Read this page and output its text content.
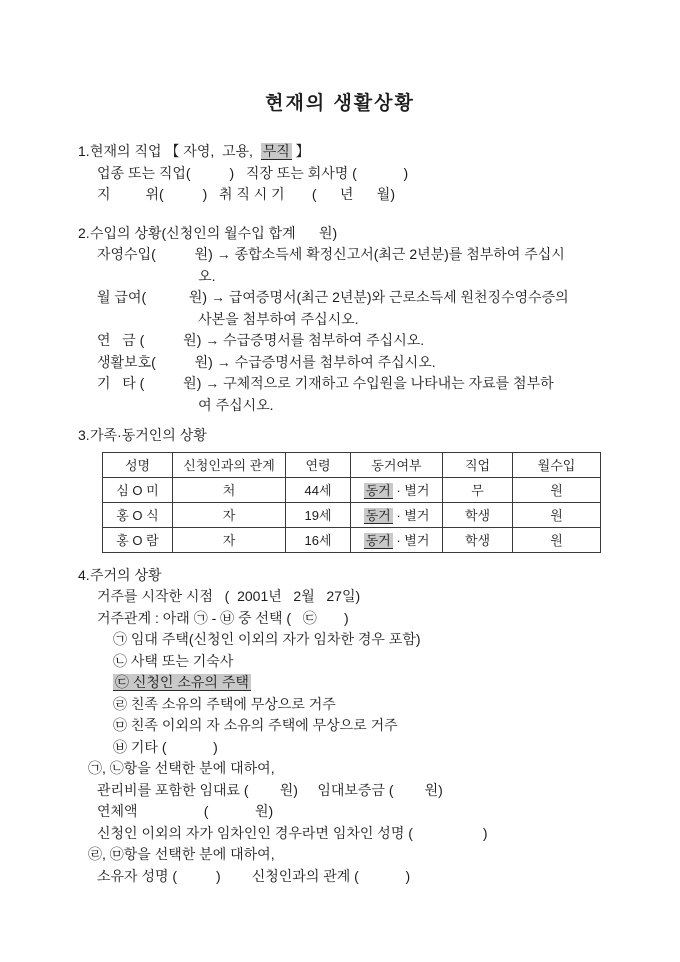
현재의 생활상황
1.현재의 직업 【 자영,  고용,  무직 】
업종 또는 직업(          )   직장 또는 회사명 (            )
지         위(          )   취 직 시 기       (      년      월)
2.수입의 상황(신청인의 월수입 합계      원)
자영수입(          원) → 종합소득세 확정신고서(최근 2년분)를 첨부하여 주십시
오.
월 급여(           원) → 급여증명서(최근 2년분)와 근로소득세 원천징수영수증의
사본을 첨부하여 주십시오.
연   금 (          원) → 수급증명서를 첨부하여 주십시오.
생활보호(          원) → 수급증명서를 첨부하여 주십시오.
기   타 (          원) → 구체적으로 기재하고 수입원을 나타내는 자료를 첨부하
여 주십시오.
3.가족·동거인의 상황
성명	신청인과의 관계	연령	동거여부	직업	월수입
심 O 미	처	44세	동거 · 별거	무	원
홍 O 식	자	19세	동거 · 별거	학생	원
홍 O 람	자	16세	동거 · 별거	학생	원
4.주거의 상황
거주를 시작한 시점   (  2001년   2월   27일)
거주관계 : 아래 ㉠ - ㉥ 중 선택 (   ㉢       )
㉠ 임대 주택(신청인 이외의 자가 임차한 경우 포함)
㉡ 사택 또는 기숙사
㉢ 신청인 소유의 주택
㉣ 친족 소유의 주택에 무상으로 거주
㉤ 친족 이외의 자 소유의 주택에 무상으로 거주
㉥ 기타 (            )
㉠, ㉡항을 선택한 분에 대하여,
관리비를 포함한 임대료 (        원)     임대보증금 (        원)
연체액                 (            원)
신청인 이외의 자가 임차인인 경우라면 임차인 성명 (                  )
㉣, ㉤항을 선택한 분에 대하여,
소유자 성명 (          )        신청인과의 관계 (            )
